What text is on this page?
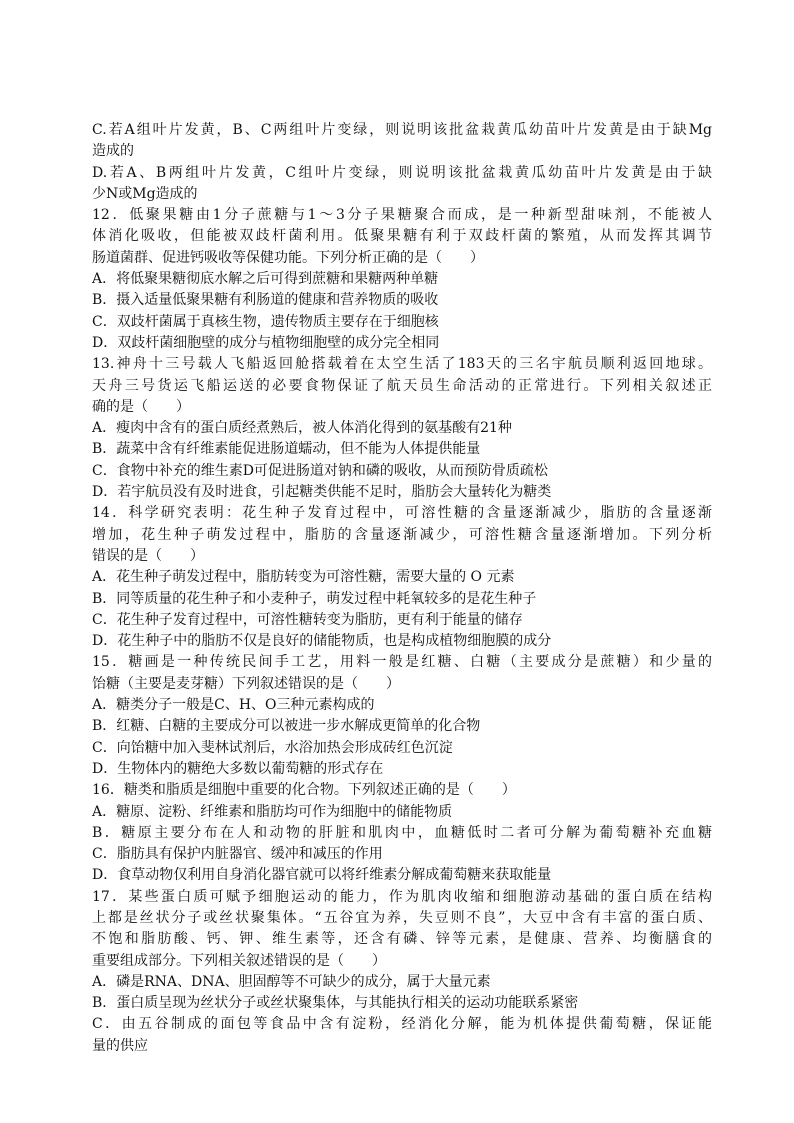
C.若A组叶片发黄，B、C两组叶片变绿，则说明该批盆栽黄瓜幼苗叶片发黄是由于缺Mg
造成的
D.若A、B两组叶片发黄，C组叶片变绿，则说明该批盆栽黄瓜幼苗叶片发黄是由于缺
少N或Mg造成的
12．低聚果糖由1分子蔗糖与1～3分子果糖聚合而成，是一种新型甜味剂，不能被人
体消化吸收，但能被双歧杆菌利用。低聚果糖有利于双歧杆菌的繁殖，从而发挥其调节
肠道菌群、促进钙吸收等保健功能。下列分析正确的是（　　）
A．将低聚果糖彻底水解之后可得到蔗糖和果糖两种单糖
B．摄入适量低聚果糖有利肠道的健康和营养物质的吸收
C．双歧杆菌属于真核生物，遗传物质主要存在于细胞核
D．双歧杆菌细胞壁的成分与植物细胞壁的成分完全相同
13.神舟十三号载人飞船返回舱搭载着在太空生活了183天的三名宇航员顺利返回地球。
天舟三号货运飞船运送的必要食物保证了航天员生命活动的正常进行。下列相关叙述正
确的是（　　）
A．瘦肉中含有的蛋白质经煮熟后，被人体消化得到的氨基酸有21种
B．蔬菜中含有纤维素能促进肠道蠕动，但不能为人体提供能量
C．食物中补充的维生素D可促进肠道对钠和磷的吸收，从而预防骨质疏松
D．若宇航员没有及时进食，引起糖类供能不足时，脂肪会大量转化为糖类
14．科学研究表明：花生种子发育过程中，可溶性糖的含量逐渐减少，脂肪的含量逐渐
增加，花生种子萌发过程中，脂肪的含量逐渐减少，可溶性糖含量逐渐增加。下列分析
错误的是（　　）
A．花生种子萌发过程中，脂肪转变为可溶性糖，需要大量的 O 元素
B．同等质量的花生种子和小麦种子，萌发过程中耗氧较多的是花生种子
C．花生种子发育过程中，可溶性糖转变为脂肪，更有利于能量的储存
D．花生种子中的脂肪不仅是良好的储能物质，也是构成植物细胞膜的成分
15．糖画是一种传统民间手工艺，用料一般是红糖、白糖（主要成分是蔗糖）和少量的
饴糖（主要是麦芽糖）下列叙述错误的是（　　）
A．糖类分子一般是C、H、O三种元素构成的
B．红糖、白糖的主要成分可以被进一步水解成更简单的化合物
C．向饴糖中加入斐林试剂后，水浴加热会形成砖红色沉淀
D．生物体内的糖绝大多数以葡萄糖的形式存在
16．糖类和脂质是细胞中重要的化合物。下列叙述正确的是（　　）
A．糖原、淀粉、纤维素和脂肪均可作为细胞中的储能物质
B．糖原主要分布在人和动物的肝脏和肌肉中，血糖低时二者可分解为葡萄糖补充血糖
C．脂肪具有保护内脏器官、缓冲和减压的作用
D．食草动物仅利用自身消化器官就可以将纤维素分解成葡萄糖来获取能量
17．某些蛋白质可赋予细胞运动的能力，作为肌肉收缩和细胞游动基础的蛋白质在结构
上都是丝状分子或丝状聚集体。“五谷宜为养，失豆则不良”，大豆中含有丰富的蛋白质、
不饱和脂肪酸、钙、钾、维生素等，还含有磷、锌等元素，是健康、营养、均衡膳食的
重要组成部分。下列相关叙述错误的是（　　）
A．磷是RNA、DNA、胆固醇等不可缺少的成分，属于大量元素
B．蛋白质呈现为丝状分子或丝状聚集体，与其能执行相关的运动功能联系紧密
C．由五谷制成的面包等食品中含有淀粉，经消化分解，能为机体提供葡萄糖，保证能
量的供应
